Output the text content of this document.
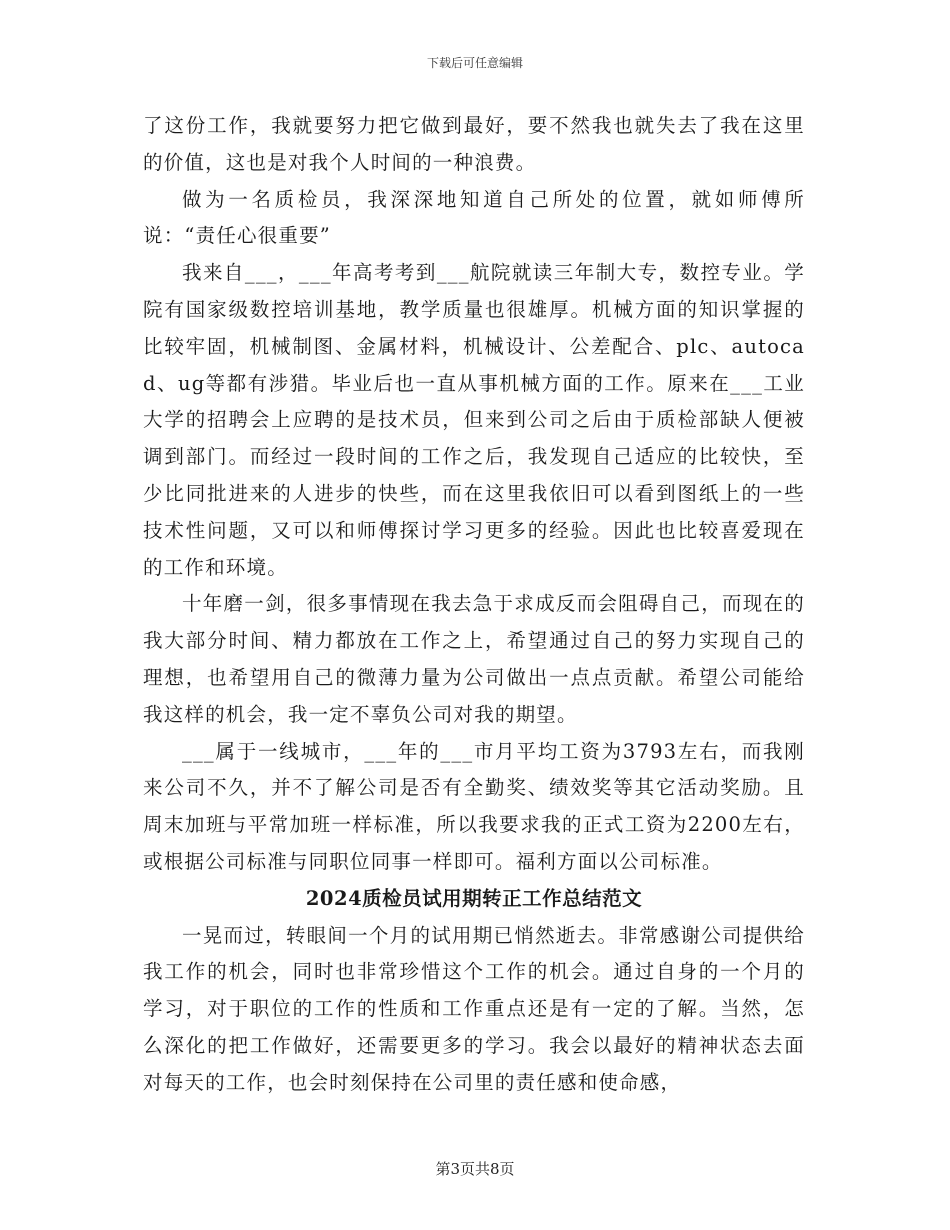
下载后可任意编辑

了这份工作，我就要努力把它做到最好，要不然我也就失去了我在这里的价值，这也是对我个人时间的一种浪费。

做为一名质检员，我深深地知道自己所处的位置，就如师傅所说：“责任心很重要”

我来自___，___年高考考到___航院就读三年制大专，数控专业。学院有国家级数控培训基地，教学质量也很雄厚。机械方面的知识掌握的比较牢固，机械制图、金属材料，机械设计、公差配合、plc、autocad、ug等都有涉猎。毕业后也一直从事机械方面的工作。原来在___工业大学的招聘会上应聘的是技术员，但来到公司之后由于质检部缺人便被调到部门。而经过一段时间的工作之后，我发现自己适应的比较快，至少比同批进来的人进步的快些，而在这里我依旧可以看到图纸上的一些技术性问题，又可以和师傅探讨学习更多的经验。因此也比较喜爱现在的工作和环境。

十年磨一剑，很多事情现在我去急于求成反而会阻碍自己，而现在的我大部分时间、精力都放在工作之上，希望通过自己的努力实现自己的理想，也希望用自己的微薄力量为公司做出一点点贡献。希望公司能给我这样的机会，我一定不辜负公司对我的期望。

___属于一线城市，___年的___市月平均工资为3793左右，而我刚来公司不久，并不了解公司是否有全勤奖、绩效奖等其它活动奖励。且周末加班与平常加班一样标准，所以我要求我的正式工资为2200左右，或根据公司标准与同职位同事一样即可。福利方面以公司标准。

2024质检员试用期转正工作总结范文

一晃而过，转眼间一个月的试用期已悄然逝去。非常感谢公司提供给我工作的机会，同时也非常珍惜这个工作的机会。通过自身的一个月的学习，对于职位的工作的性质和工作重点还是有一定的了解。当然，怎么深化的把工作做好，还需要更多的学习。我会以最好的精神状态去面对每天的工作，也会时刻保持在公司里的责任感和使命感，

第3页共8页
